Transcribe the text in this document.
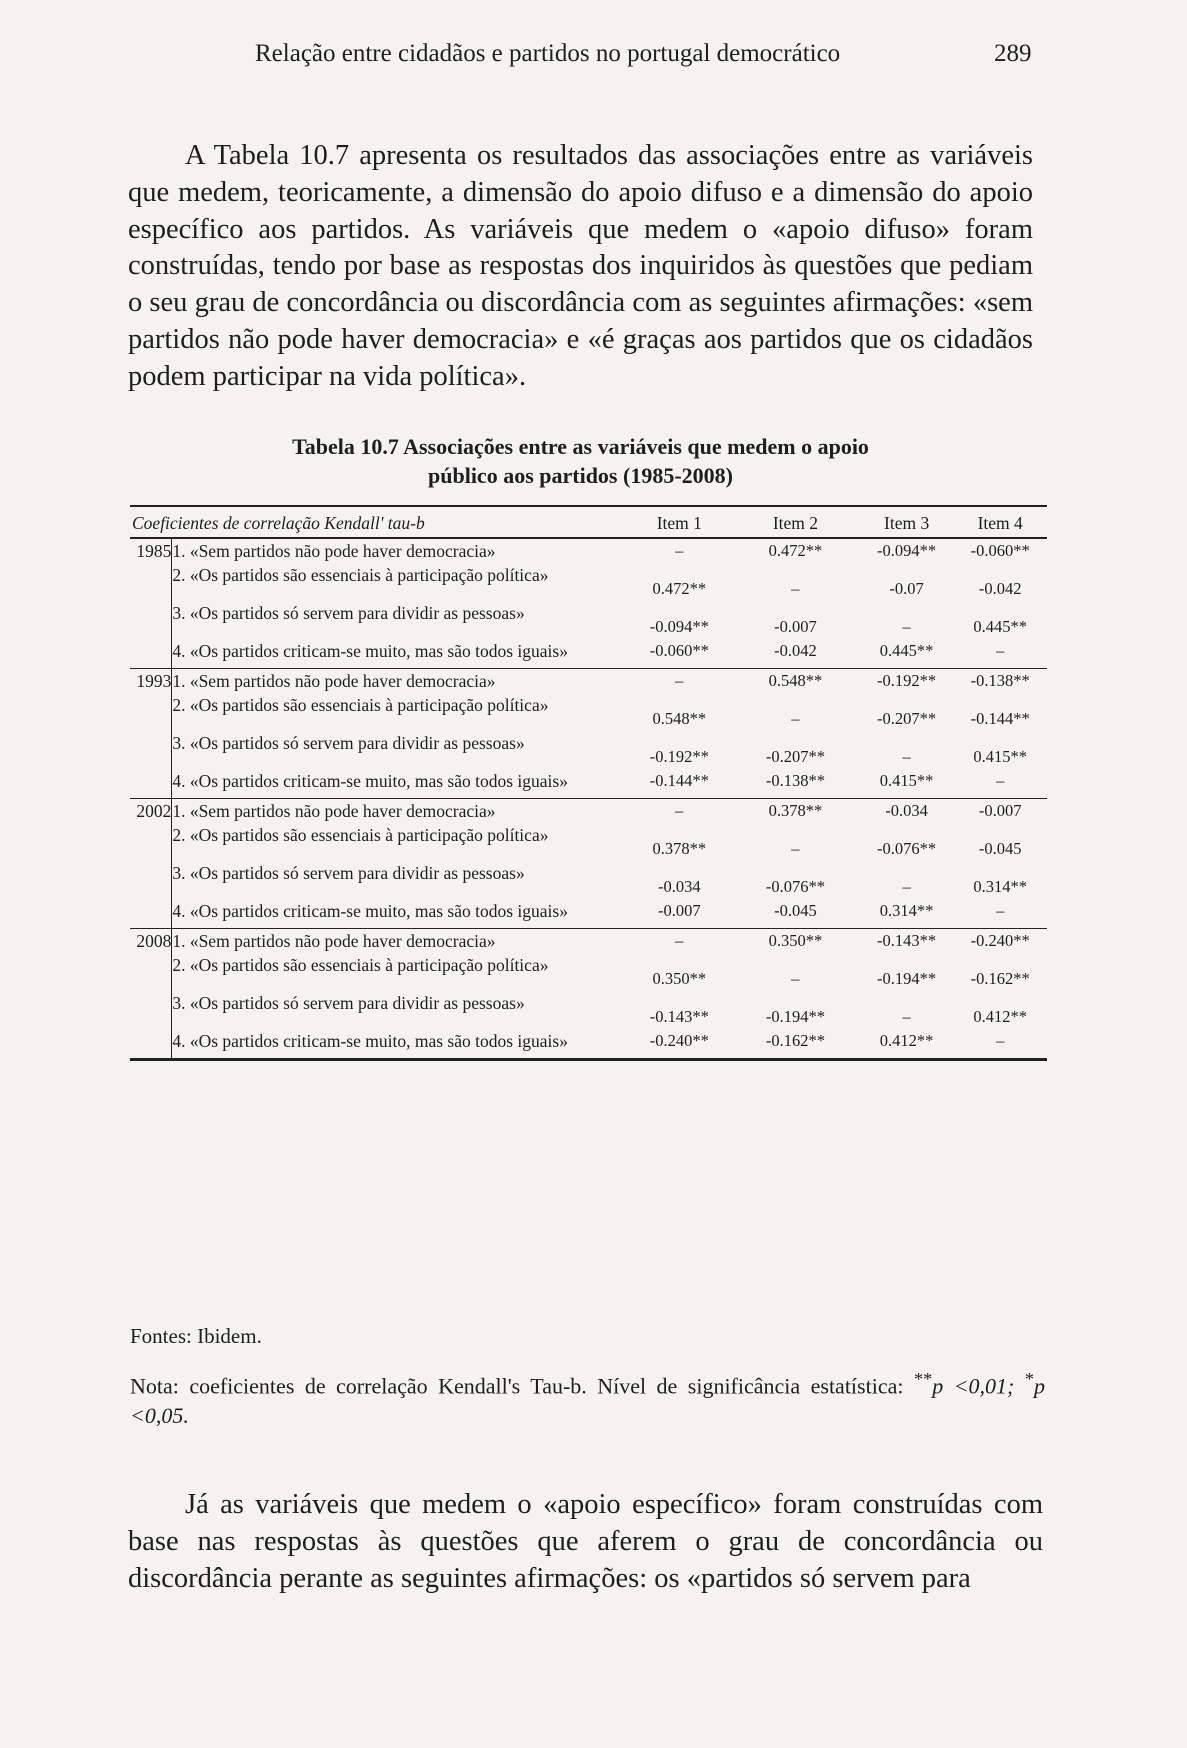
Relação entre cidadãos e partidos no portugal democrático	289

A Tabela 10.7 apresenta os resultados das associações entre as variáveis que medem, teoricamente, a dimensão do apoio difuso e a dimensão do apoio específico aos partidos. As variáveis que medem o «apoio difuso» foram construídas, tendo por base as respostas dos inquiridos às questões que pediam o seu grau de concordância ou discordância com as seguintes afirmações: «sem partidos não pode haver democracia» e «é graças aos partidos que os cidadãos podem participar na vida política».

Tabela 10.7 Associações entre as variáveis que medem o apoio
público aos partidos (1985-2008)
Coeficientes de correlação Kendall' tau-b		Item 1	Item 2	Item 3	Item 4
1985	1. «Sem partidos não pode haver democracia»	–	0.472**	-0.094**	-0.060**
	2. «Os partidos são essenciais à participação política»	0.472**	–	-0.07	-0.042
	3. «Os partidos só servem para dividir as pessoas»	-0.094**	-0.007	–	0.445**
	4. «Os partidos criticam-se muito, mas são todos iguais»	-0.060**	-0.042	0.445**	–
1993	1. «Sem partidos não pode haver democracia»	–	0.548**	-0.192**	-0.138**
	2. «Os partidos são essenciais à participação política»	0.548**	–	-0.207**	-0.144**
	3. «Os partidos só servem para dividir as pessoas»	-0.192**	-0.207**	–	0.415**
	4. «Os partidos criticam-se muito, mas são todos iguais»	-0.144**	-0.138**	0.415**	–
2002	1. «Sem partidos não pode haver democracia»	–	0.378**	-0.034	-0.007
	2. «Os partidos são essenciais à participação política»	0.378**	–	-0.076**	-0.045
	3. «Os partidos só servem para dividir as pessoas»	-0.034	-0.076**	–	0.314**
	4. «Os partidos criticam-se muito, mas são todos iguais»	-0.007	-0.045	0.314**	–
2008	1. «Sem partidos não pode haver democracia»	–	0.350**	-0.143**	-0.240**
	2. «Os partidos são essenciais à participação política»	0.350**	–	-0.194**	-0.162**
	3. «Os partidos só servem para dividir as pessoas»	-0.143**	-0.194**	–	0.412**
	4. «Os partidos criticam-se muito, mas são todos iguais»	-0.240**	-0.162**	0.412**	–
Fontes: Ibidem.
Nota: coeficientes de correlação Kendall's Tau-b. Nível de significância estatística: **p <0,01; *p <0,05.

Já as variáveis que medem o «apoio específico» foram construídas com base nas respostas às questões que aferem o grau de concordância ou discordância perante as seguintes afirmações: os «partidos só servem para
